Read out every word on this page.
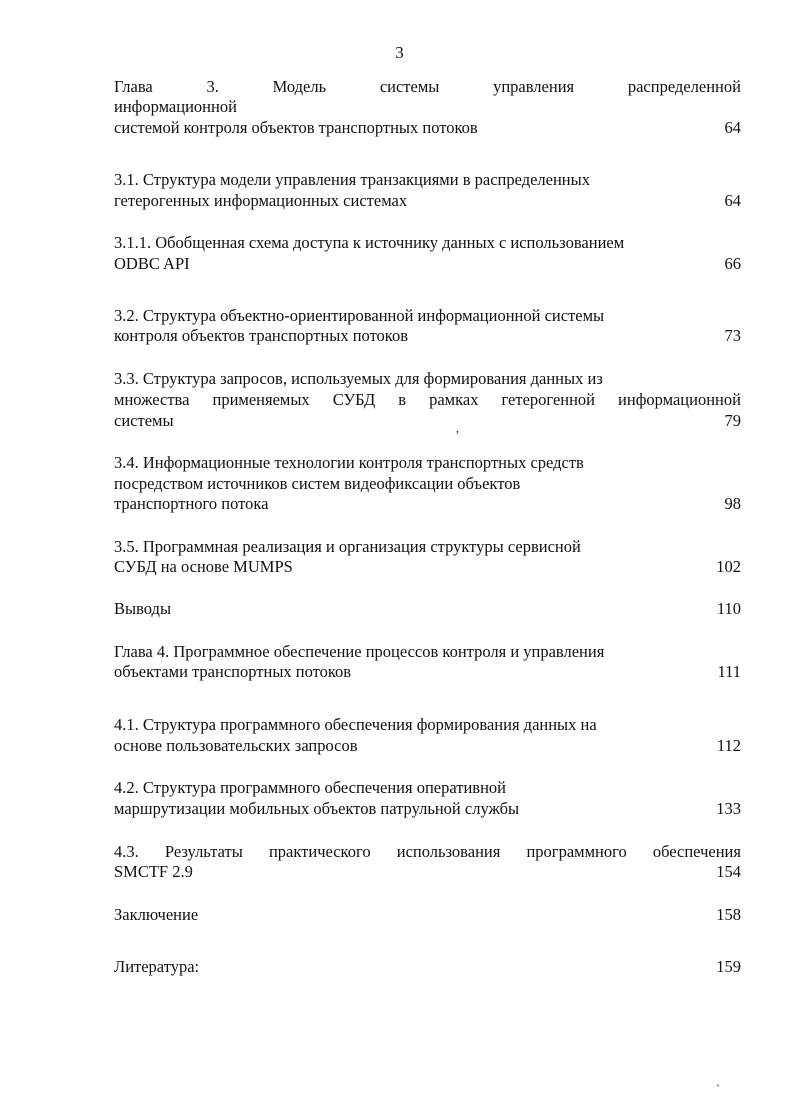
3
Глава	3.	Модель	системы	управления	распределенной
информационной
системой контроля объектов транспортных потоков	64
3.1. Структура модели управления транзакциями в распределенных
гетерогенных информационных системах	64
3.1.1. Обобщенная схема доступа к источнику данных с использованием
ODBC API	66
3.2. Структура объектно-ориентированной информационной системы
контроля объектов транспортных потоков	73
3.3. Структура запросов, используемых для формирования данных из
множества применяемых СУБД в рамках гетерогенной информационной
системы	,	79
3.4. Информационные технологии контроля транспортных средств
посредством источников систем видеофиксации объектов
транспортного потока	98
3.5. Программная реализация и организация структуры сервисной
СУБД на основе MUMPS	102
Выводы	110
Глава 4. Программное обеспечение процессов контроля и управления
объектами транспортных потоков	111
4.1. Структура программного обеспечения формирования данных на
основе пользовательских запросов	112
4.2. Структура программного обеспечения оперативной
маршрутизации мобильных объектов патрульной службы	133
4.3. Результаты практического использования программного обеспечения
SMCTF 2.9	154
Заключение	158
Литература:	159
`
